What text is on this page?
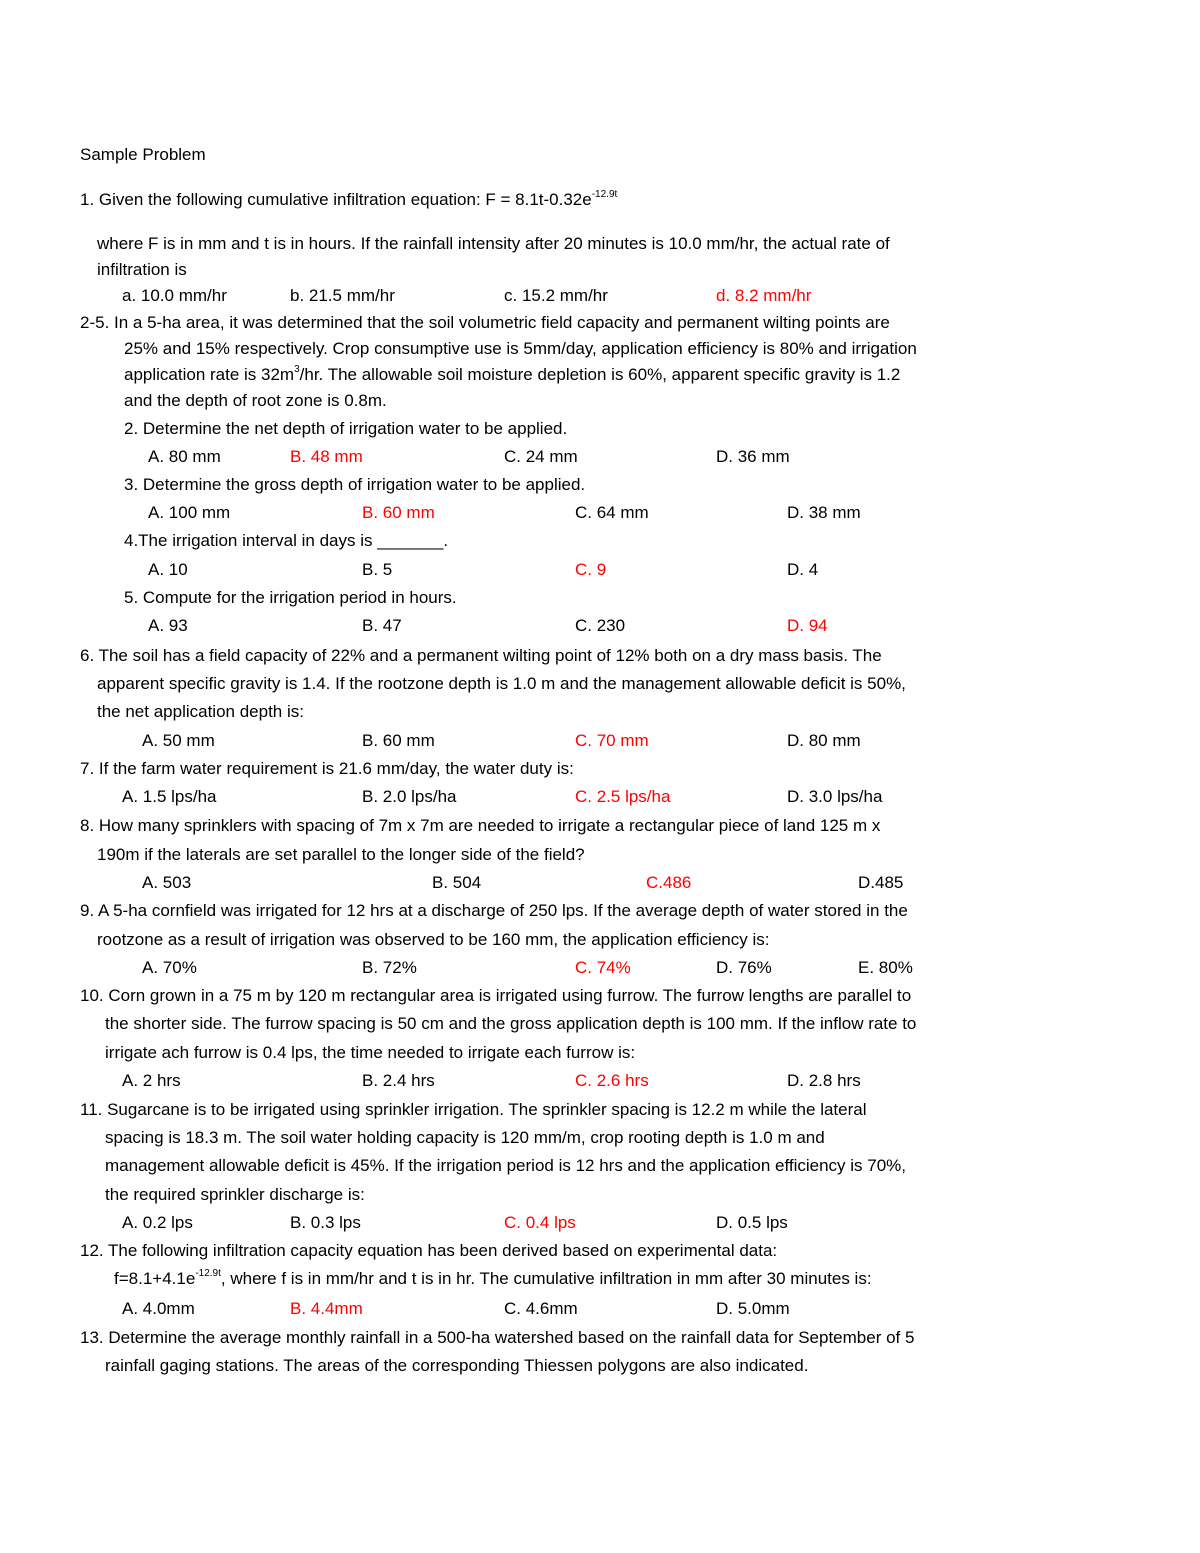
Sample Problem
1. Given the following cumulative infiltration equation: $F = 8.1t-0.32e^{-12.9t}$
where F is in mm and t is in hours. If the rainfall intensity after 20 minutes is 10.0 mm/hr, the actual rate of
infiltration is
a. 10.0 mm/hr	b. 21.5 mm/hr	c. 15.2 mm/hr	d. 8.2 mm/hr
2-5. In a 5-ha area, it was determined that the soil volumetric field capacity and permanent wilting points are
25% and 15% respectively. Crop consumptive use is 5mm/day, application efficiency is 80% and irrigation
application rate is $32m^3/hr$. The allowable soil moisture depletion is 60%, apparent specific gravity is 1.2
and the depth of root zone is 0.8m.
2. Determine the net depth of irrigation water to be applied.
A. 80 mm	B. 48 mm	C. 24 mm	D. 36 mm
3. Determine the gross depth of irrigation water to be applied.
A. 100 mm	B. 60 mm	C. 64 mm	D. 38 mm
4.The irrigation interval in days is _______.
A. 10	B. 5	C. 9	D. 4
5. Compute for the irrigation period in hours.
A. 93	B. 47	C. 230	D. 94
6. The soil has a field capacity of 22% and a permanent wilting point of 12% both on a dry mass basis. The
apparent specific gravity is 1.4. If the rootzone depth is 1.0 m and the management allowable deficit is 50%,
the net application depth is:
A. 50 mm	B. 60 mm	C. 70 mm	D. 80 mm
7. If the farm water requirement is 21.6 mm/day, the water duty is:
A. 1.5 lps/ha	B. 2.0 lps/ha	C. 2.5 lps/ha	D. 3.0 lps/ha
8. How many sprinklers with spacing of 7m x 7m are needed to irrigate a rectangular piece of land 125 m x
190m if the laterals are set parallel to the longer side of the field?
A. 503	B. 504	C.486	D.485
9. A 5-ha cornfield was irrigated for 12 hrs at a discharge of 250 lps. If the average depth of water stored in the
rootzone as a result of irrigation was observed to be 160 mm, the application efficiency is:
A. 70%	B. 72%	C. 74%	D. 76%	E. 80%
10. Corn grown in a 75 m by 120 m rectangular area is irrigated using furrow. The furrow lengths are parallel to
the shorter side. The furrow spacing is 50 cm and the gross application depth is 100 mm. If the inflow rate to
irrigate ach furrow is 0.4 lps, the time needed to irrigate each furrow is:
A. 2 hrs	B. 2.4 hrs	C. 2.6 hrs	D. 2.8 hrs
11. Sugarcane is to be irrigated using sprinkler irrigation. The sprinkler spacing is 12.2 m while the lateral
spacing is 18.3 m. The soil water holding capacity is 120 mm/m, crop rooting depth is 1.0 m and
management allowable deficit is 45%. If the irrigation period is 12 hrs and the application efficiency is 70%,
the required sprinkler discharge is:
A. 0.2 lps	B. 0.3 lps	C. 0.4 lps	D. 0.5 lps
12. The following infiltration capacity equation has been derived based on experimental data:
$f=8.1+4.1e^{-12.9t}$, where f is in mm/hr and t is in hr. The cumulative infiltration in mm after 30 minutes is:
A. 4.0mm	B. 4.4mm	C. 4.6mm	D. 5.0mm
13. Determine the average monthly rainfall in a 500-ha watershed based on the rainfall data for September of 5
rainfall gaging stations. The areas of the corresponding Thiessen polygons are also indicated.
